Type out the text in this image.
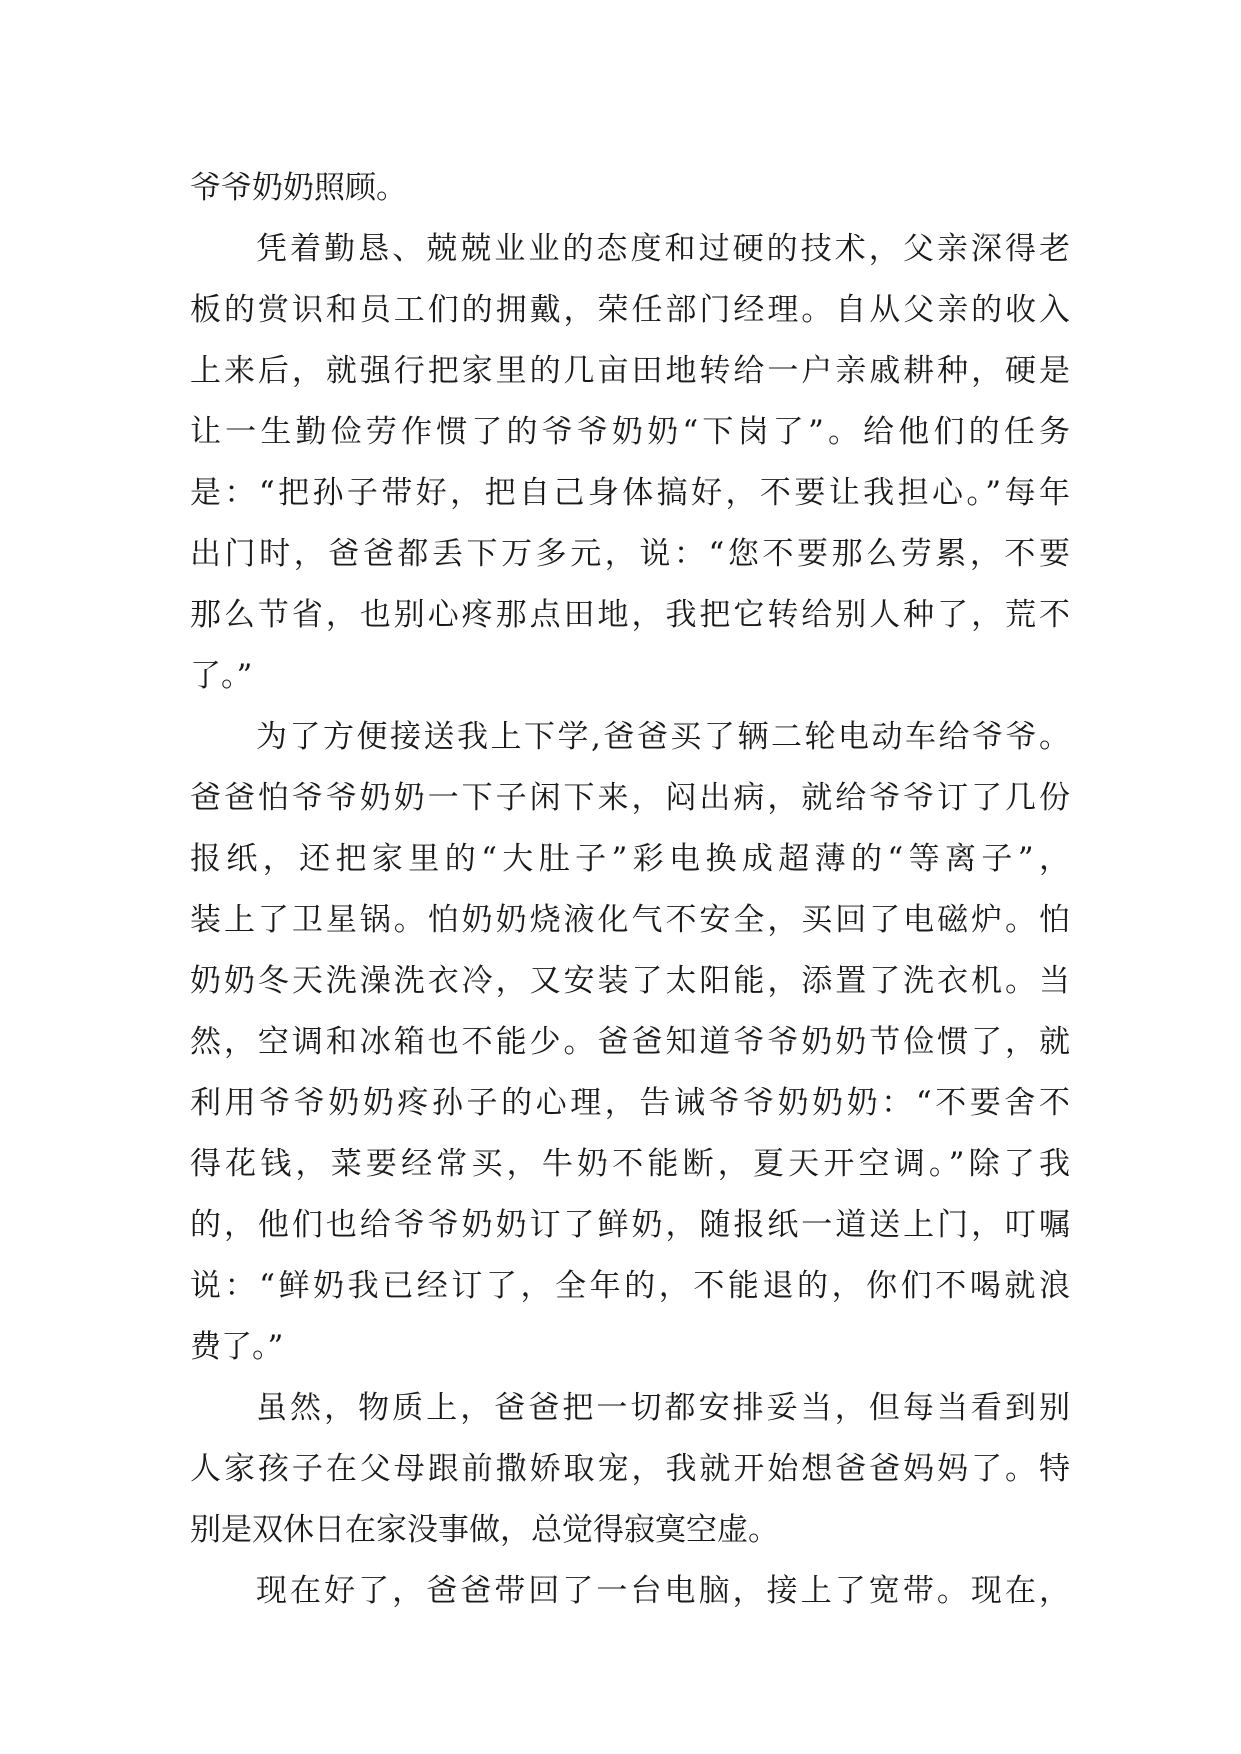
爷爷奶奶照顾。
凭着勤恳、兢兢业业的态度和过硬的技术，父亲深得老
板的赏识和员工们的拥戴，荣任部门经理。自从父亲的收入
上来后，就强行把家里的几亩田地转给一户亲戚耕种，硬是
让一生勤俭劳作惯了的爷爷奶奶“下岗了”。给他们的任务
是：“把孙子带好，把自己身体搞好，不要让我担心。”每年
出门时，爸爸都丢下万多元，说：“您不要那么劳累，不要
那么节省，也别心疼那点田地，我把它转给别人种了，荒不
了。”
为了方便接送我上下学,爸爸买了辆二轮电动车给爷爷。
爸爸怕爷爷奶奶一下子闲下来，闷出病，就给爷爷订了几份
报纸，还把家里的“大肚子”彩电换成超薄的“等离子”，
装上了卫星锅。怕奶奶烧液化气不安全，买回了电磁炉。怕
奶奶冬天洗澡洗衣冷，又安装了太阳能，添置了洗衣机。当
然，空调和冰箱也不能少。爸爸知道爷爷奶奶节俭惯了，就
利用爷爷奶奶疼孙子的心理，告诫爷爷奶奶奶：“不要舍不
得花钱，菜要经常买，牛奶不能断，夏天开空调。”除了我
的，他们也给爷爷奶奶订了鲜奶，随报纸一道送上门，叮嘱
说：“鲜奶我已经订了，全年的，不能退的，你们不喝就浪
费了。”
虽然，物质上，爸爸把一切都安排妥当，但每当看到别
人家孩子在父母跟前撒娇取宠，我就开始想爸爸妈妈了。特
别是双休日在家没事做，总觉得寂寞空虚。
现在好了，爸爸带回了一台电脑，接上了宽带。现在，
